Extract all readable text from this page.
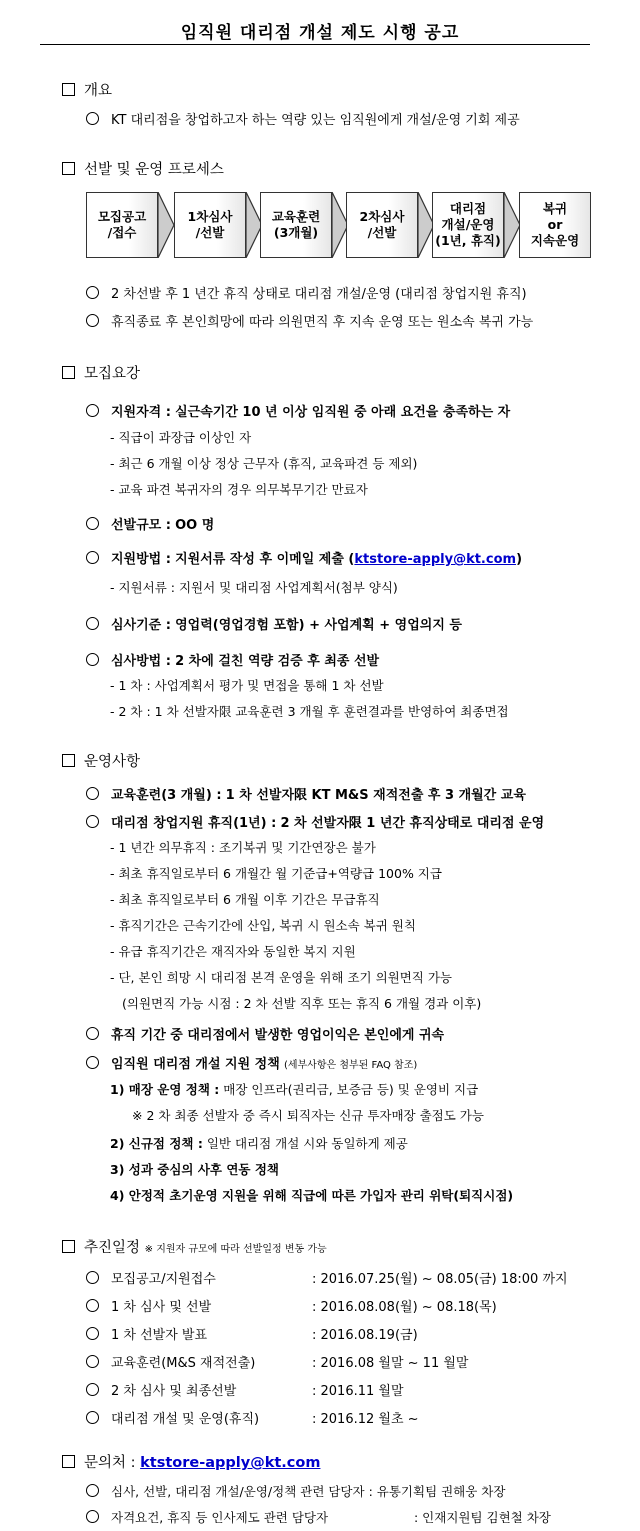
임직원 대리점 개설 제도 시행 공고
개요
KT 대리점을 창업하고자 하는 역량 있는 임직원에게 개설/운영 기회 제공
선발 및 운영 프로세스
모집공고
/접수
1차심사
/선발
교육훈련
(3개월)
2차심사
/선발
대리점
개설/운영
(1년, 휴직)
복귀
or
지속운영
2 차선발 후 1 년간 휴직 상태로 대리점 개설/운영 (대리점 창업지원 휴직)
휴직종료 후 본인희망에 따라 의원면직 후 지속 운영 또는 원소속 복귀 가능
모집요강
지원자격 : 실근속기간 10 년 이상 임직원 중 아래 요건을 충족하는 자
- 직급이 과장급 이상인 자
- 최근 6 개월 이상 정상 근무자 (휴직, 교육파견 등 제외)
- 교육 파견 복귀자의 경우 의무복무기간 만료자
선발규모 : OO 명
지원방법 : 지원서류 작성 후 이메일 제출 (ktstore-apply@kt.com)
- 지원서류 : 지원서 및 대리점 사업계획서(첨부 양식)
심사기준 : 영업력(영업경험 포함) + 사업계획 + 영업의지 등
심사방법 : 2 차에 걸친 역량 검증 후 최종 선발
- 1 차 : 사업계획서 평가 및 면접을 통해 1 차 선발
- 2 차 : 1 차 선발자限 교육훈련 3 개월 후 훈련결과를 반영하여 최종면접
운영사항
교육훈련(3 개월) : 1 차 선발자限 KT M&S 재적전출 후 3 개월간 교육
대리점 창업지원 휴직(1년) : 2 차 선발자限 1 년간 휴직상태로 대리점 운영
- 1 년간 의무휴직 : 조기복귀 및 기간연장은 불가
- 최초 휴직일로부터 6 개월간 월 기준급+역량급 100% 지급
- 최초 휴직일로부터 6 개월 이후 기간은 무급휴직
- 휴직기간은 근속기간에 산입, 복귀 시 원소속 복귀 원칙
- 유급 휴직기간은 재직자와 동일한 복지 지원
- 단, 본인 희망 시 대리점 본격 운영을 위해 조기 의원면직 가능
(의원면직 가능 시점 : 2 차 선발 직후 또는 휴직 6 개월 경과 이후)
휴직 기간 중 대리점에서 발생한 영업이익은 본인에게 귀속
임직원 대리점 개설 지원 정책 (세부사항은 첨부된 FAQ 참조)
1) 매장 운영 정책 : 매장 인프라(권리금, 보증금 등) 및 운영비 지급
※ 2 차 최종 선발자 중 즉시 퇴직자는 신규 투자매장 출점도 가능
2) 신규점 정책 : 일반 대리점 개설 시와 동일하게 제공
3) 성과 중심의 사후 연동 정책
4) 안정적 초기운영 지원을 위해 직급에 따른 가입자 관리 위탁(퇴직시점)
추진일정 ※ 지원자 규모에 따라 선발일정 변동 가능
모집공고/지원접수	: 2016.07.25(월) ~ 08.05(금) 18:00 까지
1 차 심사 및 선발	: 2016.08.08(월) ~ 08.18(목)
1 차 선발자 발표	: 2016.08.19(금)
교육훈련(M&S 재적전출)	: 2016.08 월말 ~ 11 월말
2 차 심사 및 최종선발	: 2016.11 월말
대리점 개설 및 운영(휴직)	: 2016.12 월초 ~
문의처 : ktstore-apply@kt.com
심사, 선발, 대리점 개설/운영/정책 관련 담당자 : 유통기획팀 권해웅 차장
자격요건, 휴직 등 인사제도 관련 담당자	: 인재지원팀 김현철 차장
